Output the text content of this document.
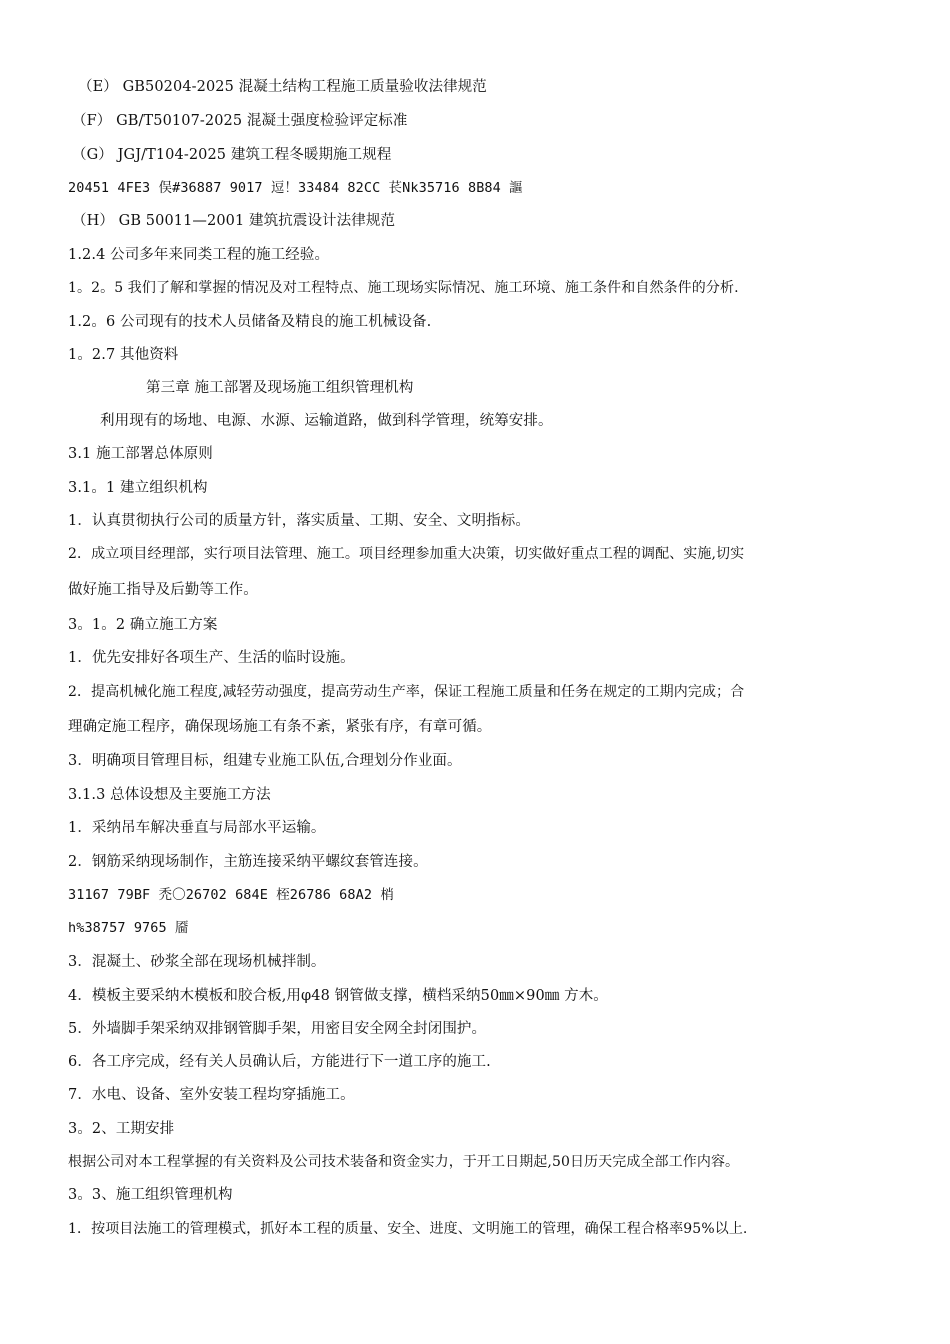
（E） GB50204-2025 混凝土结构工程施工质量验收法律规范
（F） GB/T50107-2025 混凝土强度检验评定标准
（G） JGJ/T104-2025 建筑工程冬暖期施工规程
20451 4FE3 俣#36887 9017 逗！33484 82CC 苌Nk35716 8B84 謳
（H） GB 50011—2001 建筑抗震设计法律规范
1.2.4 公司多年来同类工程的施工经验。
1。2。5 我们了解和掌握的情况及对工程特点、施工现场实际情况、施工环境、施工条件和自然条件的分析.
1.2。6 公司现有的技术人员储备及精良的施工机械设备.
1。2.7 其他资料
第三章 施工部署及现场施工组织管理机构
利用现有的场地、电源、水源、运输道路，做到科学管理，统筹安排。
3.1 施工部署总体原则
3.1。1 建立组织机构
1．认真贯彻执行公司的质量方针，落实质量、工期、安全、文明指标。
2．成立项目经理部，实行项目法管理、施工。项目经理参加重大决策，切实做好重点工程的调配、实施,切实
做好施工指导及后勤等工作。
3。1。2 确立施工方案
1．优先安排好各项生产、生活的临时设施。
2．提高机械化施工程度,减轻劳动强度，提高劳动生产率，保证工程施工质量和任务在规定的工期内完成；合
理确定施工程序，确保现场施工有条不紊，紧张有序，有章可循。
3．明确项目管理目标，组建专业施工队伍,合理划分作业面。
3.1.3 总体设想及主要施工方法
1．采纳吊车解决垂直与局部水平运输。
2．钢筋采纳现场制作，主筋连接采纳平螺纹套管连接。
31167 79BF 禿〇26702 684E 桎26786 68A2 梢
h%38757 9765 靥
3．混凝土、砂浆全部在现场机械拌制。
4．模板主要采纳木模板和胶合板,用φ48 钢管做支撑，横档采纳50㎜×90㎜ 方木。
5．外墙脚手架采纳双排钢管脚手架，用密目安全网全封闭围护。
6．各工序完成，经有关人员确认后，方能进行下一道工序的施工.
7．水电、设备、室外安装工程均穿插施工。
3。2、工期安排
根据公司对本工程掌握的有关资料及公司技术装备和资金实力，于开工日期起,50日历天完成全部工作内容。
3。3、施工组织管理机构
1．按项目法施工的管理模式，抓好本工程的质量、安全、进度、文明施工的管理，确保工程合格率95%以上.
